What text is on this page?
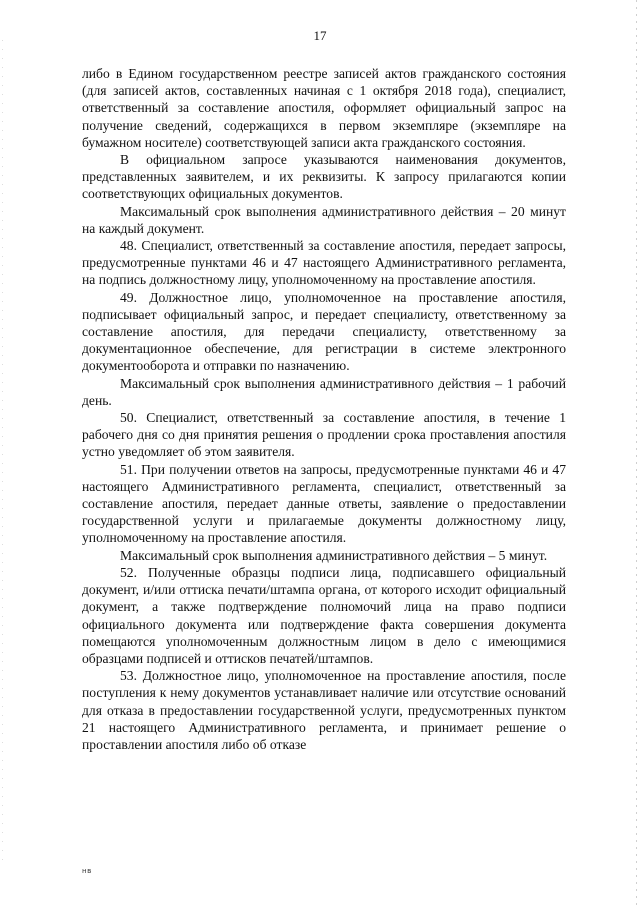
17

либо в Едином государственном реестре записей актов гражданского состояния (для записей актов, составленных начиная с 1 октября 2018 года), специалист, ответственный за составление апостиля, оформляет официальный запрос на получение сведений, содержащихся в первом экземпляре (экземпляре на бумажном носителе) соответствующей записи акта гражданского состояния.

В официальном запросе указываются наименования документов, представленных заявителем, и их реквизиты. К запросу прилагаются копии соответствующих официальных документов.

Максимальный срок выполнения административного действия – 20 минут на каждый документ.

48. Специалист, ответственный за составление апостиля, передает запросы, предусмотренные пунктами 46 и 47 настоящего Административного регламента, на подпись должностному лицу, уполномоченному на проставление апостиля.

49. Должностное лицо, уполномоченное на проставление апостиля, подписывает официальный запрос, и передает специалисту, ответственному за составление апостиля, для передачи специалисту, ответственному за документационное обеспечение, для регистрации в системе электронного документооборота и отправки по назначению.

Максимальный срок выполнения административного действия – 1 рабочий день.

50. Специалист, ответственный за составление апостиля, в течение 1 рабочего дня со дня принятия решения о продлении срока проставления апостиля устно уведомляет об этом заявителя.

51. При получении ответов на запросы, предусмотренные пунктами 46 и 47 настоящего Административного регламента, специалист, ответственный за составление апостиля, передает данные ответы, заявление о предоставлении государственной услуги и прилагаемые документы должностному лицу, уполномоченному на проставление апостиля.

Максимальный срок выполнения административного действия – 5 минут.

52. Полученные образцы подписи лица, подписавшего официальный документ, и/или оттиска печати/штампа органа, от которого исходит официальный документ, а также подтверждение полномочий лица на право подписи официального документа или подтверждение факта совершения документа помещаются уполномоченным должностным лицом в дело с имеющимися образцами подписей и оттисков печатей/штампов.

53. Должностное лицо, уполномоченное на проставление апостиля, после поступления к нему документов устанавливает наличие или отсутствие оснований для отказа в предоставлении государственной услуги, предусмотренных пунктом 21 настоящего Административного регламента, и принимает решение о проставлении апостиля либо об отказе

нв
